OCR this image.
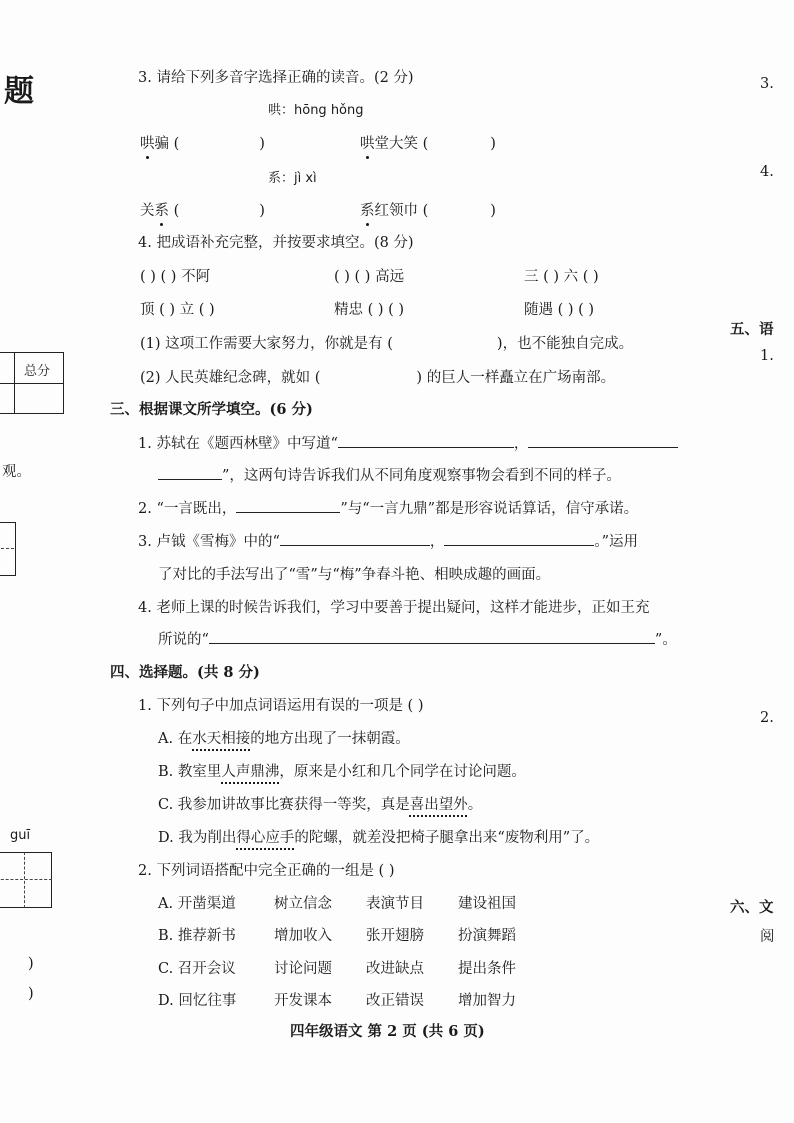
题
总分
观。
guī
)
)
3.
4.
五、语
1.
2.
六、文
阅
3. 请给下列多音字选择正确的读音。(2 分)
哄：hōng hǒng
哄骗 (	)	哄堂大笑 (	)
系：jì xì
关系 (	)	系红领巾 (	)
4. 把成语补充完整，并按要求填空。(8 分)
( ) ( ) 不阿	( ) ( ) 高远	三 ( ) 六 ( )
顶 ( ) 立 ( )	精忠 ( ) ( )	随遇 ( ) ( )
(1) 这项工作需要大家努力，你就是有 (	)，也不能独自完成。
(2) 人民英雄纪念碑，就如 (	) 的巨人一样矗立在广场南部。
三、根据课文所学填空。(6 分)
1. 苏轼在《题西林壁》中写道“	，
”，这两句诗告诉我们从不同角度观察事物会看到不同的样子。
2. “一言既出，	”与“一言九鼎”都是形容说话算话，信守承诺。
3. 卢钺《雪梅》中的“	，	。”运用
了对比的手法写出了“雪”与“梅”争春斗艳、相映成趣的画面。
4. 老师上课的时候告诉我们，学习中要善于提出疑问，这样才能进步，正如王充
所说的“	”。
四、选择题。(共 8 分)
1. 下列句子中加点词语运用有误的一项是 ( )
A. 在水天相接的地方出现了一抹朝霞。
B. 教室里人声鼎沸，原来是小红和几个同学在讨论问题。
C. 我参加讲故事比赛获得一等奖，真是喜出望外。
D. 我为削出得心应手的陀螺，就差没把椅子腿拿出来“废物利用”了。
2. 下列词语搭配中完全正确的一组是 ( )
A. 开凿渠道	树立信念 表演节目 建设祖国
B. 推荐新书	增加收入 张开翅膀 扮演舞蹈
C. 召开会议	讨论问题 改进缺点 提出条件
D. 回忆往事	开发课本 改正错误 增加智力
四年级语文 第 2 页 (共 6 页)
